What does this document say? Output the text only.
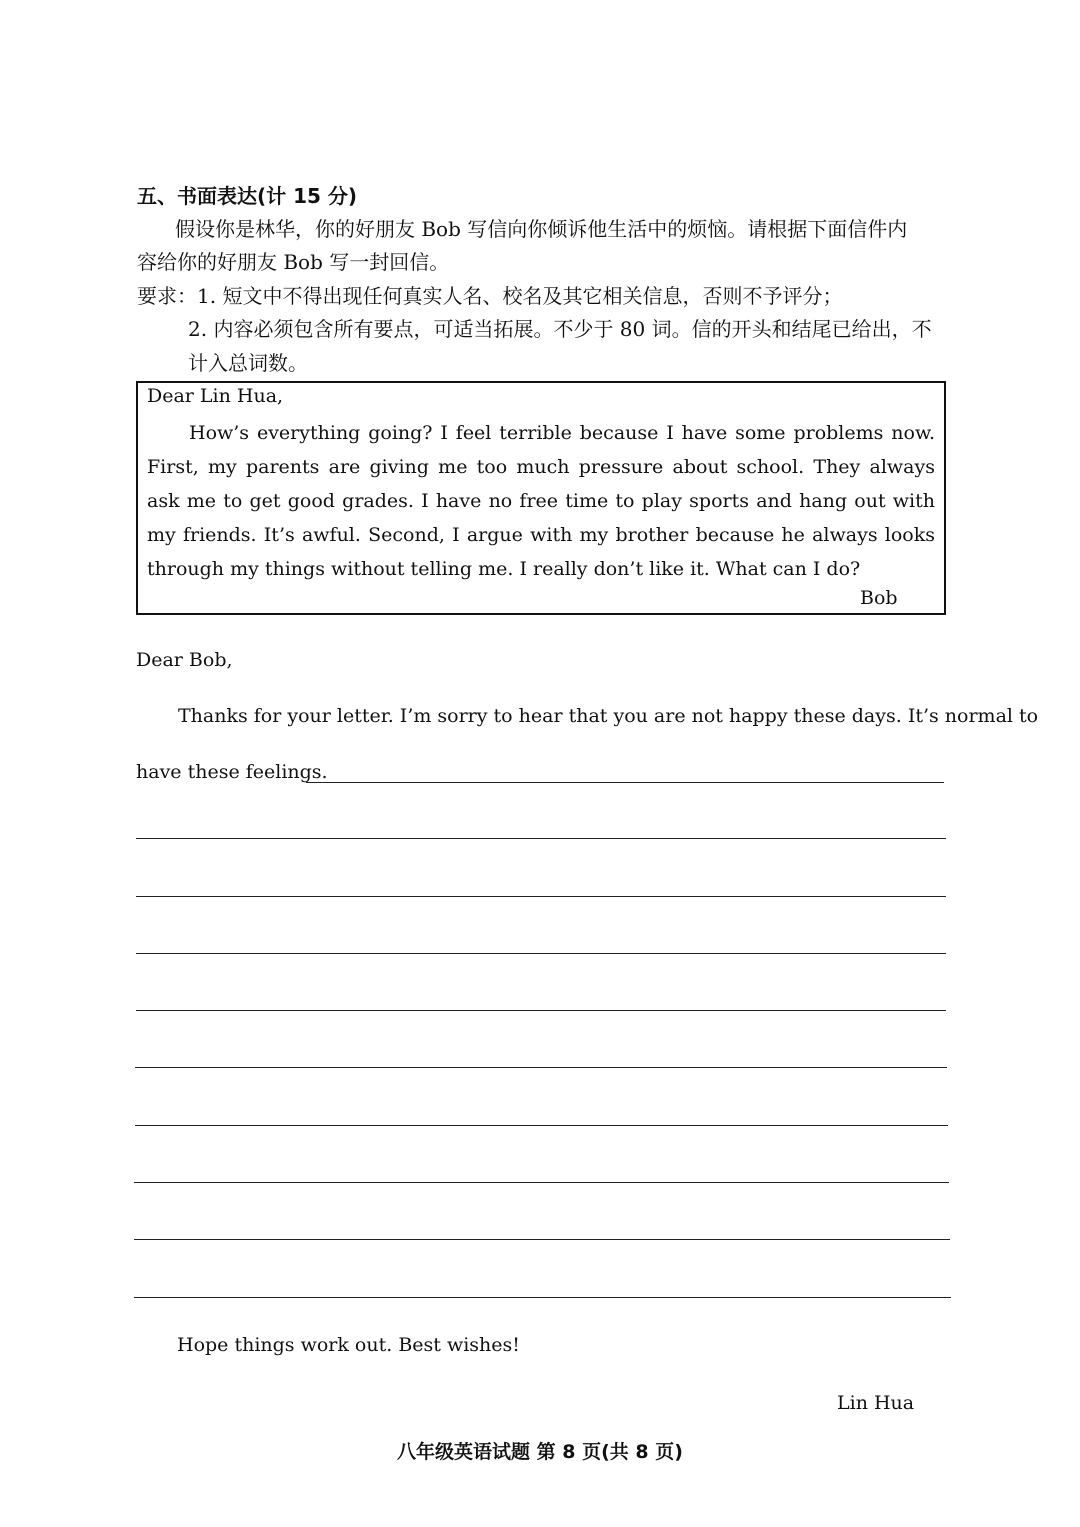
五、书面表达(计 15 分)
假设你是林华，你的好朋友 Bob 写信向你倾诉他生活中的烦恼。请根据下面信件内
容给你的好朋友 Bob 写一封回信。
要求：1. 短文中不得出现任何真实人名、校名及其它相关信息，否则不予评分；
2. 内容必须包含所有要点，可适当拓展。不少于 80 词。信的开头和结尾已给出，不
计入总词数。
Dear Lin Hua,
How’s everything going? I feel terrible because I have some problems now. First, my parents are giving me too much pressure about school. They always ask me to get good grades. I have no free time to play sports and hang out with my friends. It’s awful. Second, I argue with my brother because he always looks through my things without telling me. I really don’t like it. What can I do?
Bob
Dear Bob,
Thanks for your letter. I’m sorry to hear that you are not happy these days. It’s normal to
have these feelings.
Hope things work out. Best wishes!
Lin Hua
八年级英语试题 第 8 页(共 8 页)
